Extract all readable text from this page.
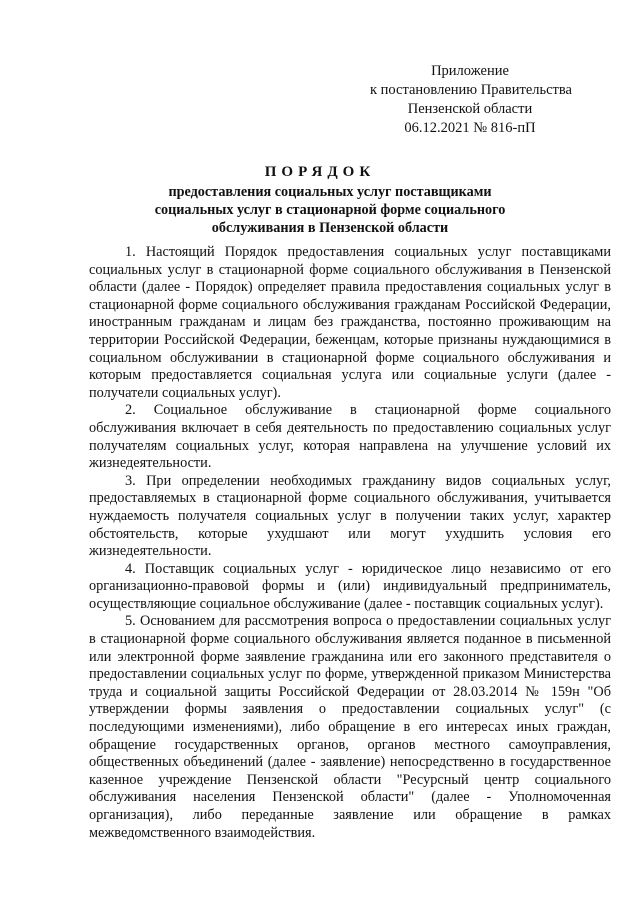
Приложение
к постановлению Правительства
Пензенской области
06.12.2021 № 816-пП
ПОРЯДОК
предоставления социальных услуг поставщиками социальных услуг в стационарной форме социального обслуживания в Пензенской области

1. Настоящий Порядок предоставления социальных услуг поставщиками социальных услуг в стационарной форме социального обслуживания в Пензенской области (далее - Порядок) определяет правила предоставления социальных услуг в стационарной форме социального обслуживания гражданам Российской Федерации, иностранным гражданам и лицам без гражданства, постоянно проживающим на территории Российской Федерации, беженцам, которые признаны нуждающимися в социальном обслуживании в стационарной форме социального обслуживания и которым предоставляется социальная услуга или социальные услуги (далее - получатели социальных услуг).

2. Социальное обслуживание в стационарной форме социального обслуживания включает в себя деятельность по предоставлению социальных услуг получателям социальных услуг, которая направлена на улучшение условий их жизнедеятельности.

3. При определении необходимых гражданину видов социальных услуг, предоставляемых в стационарной форме социального обслуживания, учитывается нуждаемость получателя социальных услуг в получении таких услуг, характер обстоятельств, которые ухудшают или могут ухудшить условия его жизнедеятельности.

4. Поставщик социальных услуг - юридическое лицо независимо от его организационно-правовой формы и (или) индивидуальный предприниматель, осуществляющие социальное обслуживание (далее - поставщик социальных услуг).

5. Основанием для рассмотрения вопроса о предоставлении социальных услуг в стационарной форме социального обслуживания является поданное в письменной или электронной форме заявление гражданина или его законного представителя о предоставлении социальных услуг по форме, утвержденной приказом Министерства труда и социальной защиты Российской Федерации от 28.03.2014 № 159н "Об утверждении формы заявления о предоставлении социальных услуг" (с последующими изменениями), либо обращение в его интересах иных граждан, обращение государственных органов, органов местного самоуправления, общественных объединений (далее - заявление) непосредственно в государственное казенное учреждение Пензенской области "Ресурсный центр социального обслуживания населения Пензенской области" (далее - Уполномоченная организация), либо переданные заявление или обращение в рамках межведомственного взаимодействия.
